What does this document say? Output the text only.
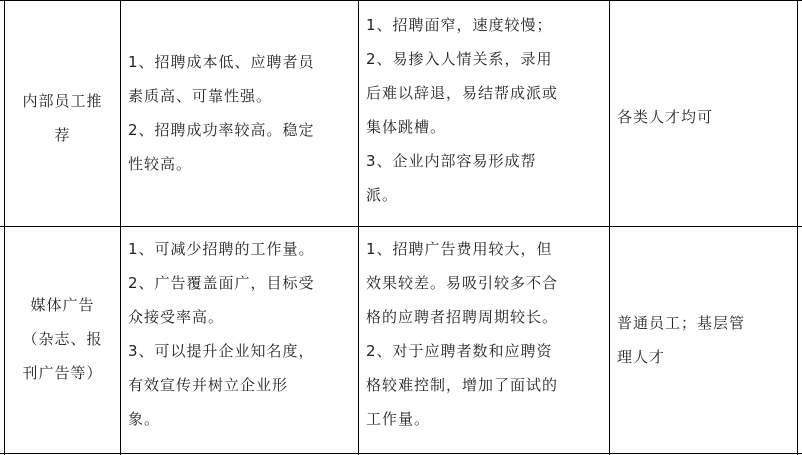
内部员工推
荐
1、招聘成本低、应聘者员
素质高、可靠性强。
2、招聘成功率较高。稳定
性较高。
1、招聘面窄，速度较慢；
2、易掺入人情关系，录用
后难以辞退，易结帮成派或
集体跳槽。
3、企业内部容易形成帮
派。
各类人才均可
媒体广告
（杂志、报
刊广告等）
1、可减少招聘的工作量。
2、广告覆盖面广，目标受
众接受率高。
3、可以提升企业知名度，
有效宣传并树立企业形
象。
1、招聘广告费用较大，但
效果较差。易吸引较多不合
格的应聘者招聘周期较长。
2、对于应聘者数和应聘资
格较难控制，增加了面试的
工作量。
普通员工；基层管
理人才
